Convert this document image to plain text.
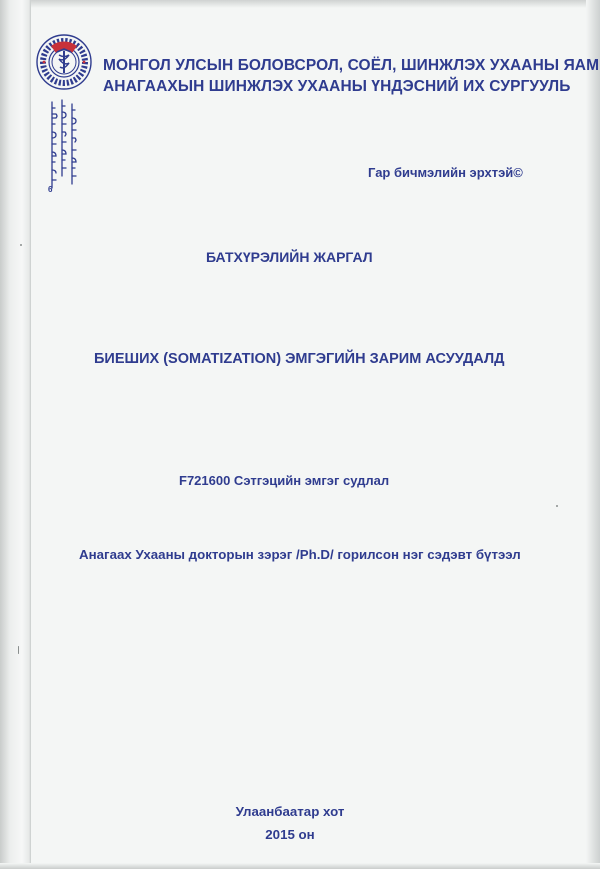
6
МОНГОЛ УЛСЫН БОЛОВСРОЛ, СОЁЛ, ШИНЖЛЭХ УХААНЫ ЯАМ
АНАГААХЫН ШИНЖЛЭХ УХААНЫ ҮНДЭСНИЙ ИХ СУРГУУЛЬ
Гар бичмэлийн эрхтэй©
БАТХҮРЭЛИЙН ЖАРГАЛ
БИЕШИХ (SOMATIZATION) ЭМГЭГИЙН ЗАРИМ АСУУДАЛД
F721600 Сэтгэцийн эмгэг судлал
Анагаах Ухааны докторын зэрэг /Ph.D/ горилсон нэг сэдэвт бүтээл
Улаанбаатар хот
2015 он
